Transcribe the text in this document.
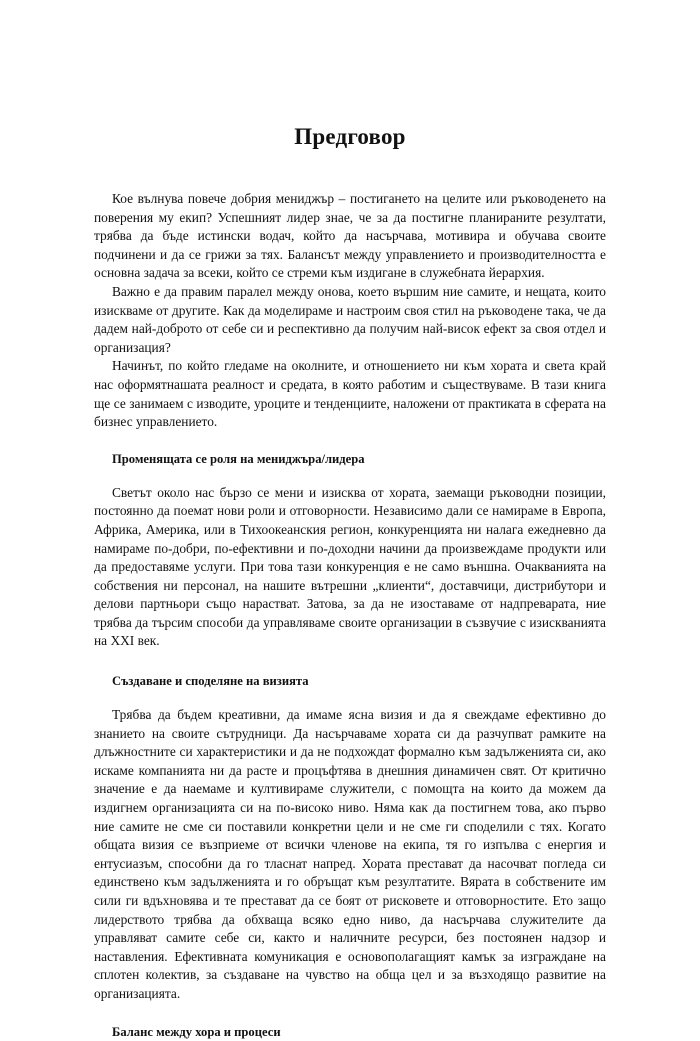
Предговор

Кое вълнува повече добрия мениджър – постигането на целите или ръководенето на поверения му екип? Успешният лидер знае, че за да постигне планираните резултати, трябва да бъде истински водач, който да насърчава, мотивира и обучава своите подчинени и да се грижи за тях. Балансът между управлението и производителността е основна задача за всеки, който се стреми към издигане в служебната йерархия.

Важно е да правим паралел между онова, което вършим ние самите, и нещата, които изискваме от другите. Как да моделираме и настроим своя стил на ръководене така, че да дадем най-доброто от себе си и респективно да получим най-висок ефект за своя отдел и организация?

Начинът, по който гледаме на околните, и отношението ни към хората и света край нас оформятнашата реалност и средата, в която работим и съществуваме. В тази книга ще се занимаем с изводите, уроците и тенденциите, наложени от практиката в сферата на бизнес управлението.

Променящата се роля на мениджъра/лидера

Светът около нас бързо се мени и изисква от хората, заемащи ръководни позиции, постоянно да поемат нови роли и отговорности. Независимо дали се намираме в Европа, Африка, Америка, или в Тихоокеанския регион, конкуренцията ни налага ежедневно да намираме по-добри, по-ефективни и по-доходни начини да произвеждаме продукти или да предоставяме услуги. При това тази конкуренция е не само външна. Очакванията на собствения ни персонал, на нашите вътрешни „клиенти“, доставчици, дистрибутори и делови партньори също нарастват. Затова, за да не изоставаме от надпреварата, ние трябва да търсим способи да управляваме своите организации в съзвучие с изискванията на XXI век.

Създаване и споделяне на визията

Трябва да бъдем креативни, да имаме ясна визия и да я свеждаме ефективно до знанието на своите сътрудници. Да насърчаваме хората си да разчупват рамките на длъжностните си характеристики и да не подхождат формално към задълженията си, ако искаме компанията ни да расте и процъфтява в днешния динамичен свят. От критично значение е да наемаме и култивираме служители, с помощта на които да можем да издигнем организацията си на по-високо ниво. Няма как да постигнем това, ако първо ние самите не сме си поставили конкретни цели и не сме ги споделили с тях. Когато общата визия се възприеме от всички членове на екипа, тя го изпълва с енергия и ентусиазъм, способни да го тласнат напред. Хората престават да насочват погледа си единствено към задълженията и го обръщат към резултатите. Вярата в собствените им сили ги вдъхновява и те престават да се боят от рисковете и отговорностите. Ето защо лидерството трябва да обхваща всяко едно ниво, да насърчава служителите да управляват самите себе си, както и наличните ресурси, без постоянен надзор и наставления. Ефективната комуникация е основополагащият камък за изграждане на сплотен колектив, за създаване на чувство на обща цел и за възходящо развитие на организацията.

Баланс между хора и процеси
